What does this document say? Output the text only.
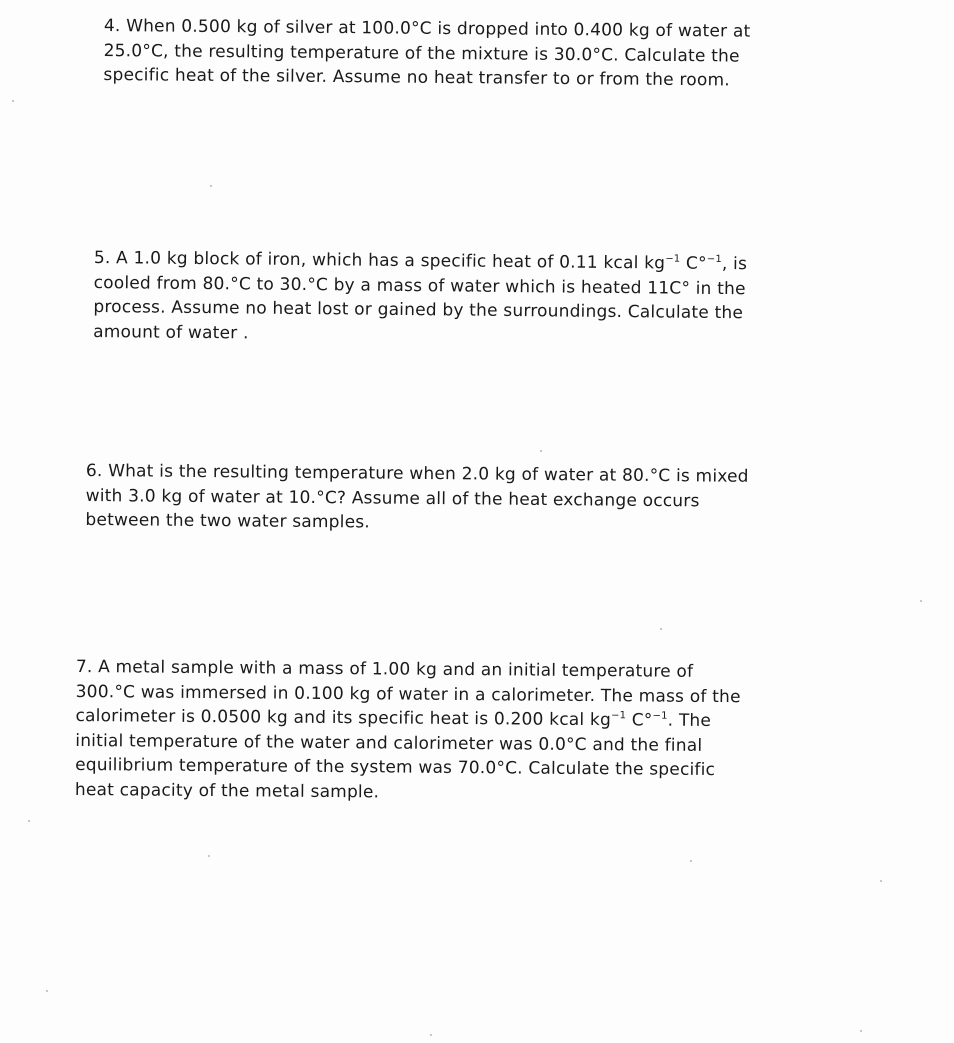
4. When 0.500 kg of silver at 100.0°C is dropped into 0.400 kg of water at
25.0°C, the resulting temperature of the mixture is 30.0°C. Calculate the
specific heat of the silver. Assume no heat transfer to or from the room.
5. A 1.0 kg block of iron, which has a specific heat of 0.11 kcal $kg^{-1}$ C°$^{-1}$, is
cooled from 80.°C to 30.°C by a mass of water which is heated 11C° in the
process. Assume no heat lost or gained by the surroundings. Calculate the
amount of water .
6. What is the resulting temperature when 2.0 kg of water at 80.°C is mixed
with 3.0 kg of water at 10.°C? Assume all of the heat exchange occurs
between the two water samples.
7. A metal sample with a mass of 1.00 kg and an initial temperature of
300.°C was immersed in 0.100 kg of water in a calorimeter. The mass of the
calorimeter is 0.0500 kg and its specific heat is 0.200 kcal $kg^{-1}$ C°$^{-1}$. The
initial temperature of the water and calorimeter was 0.0°C and the final
equilibrium temperature of the system was 70.0°C. Calculate the specific
heat capacity of the metal sample.
